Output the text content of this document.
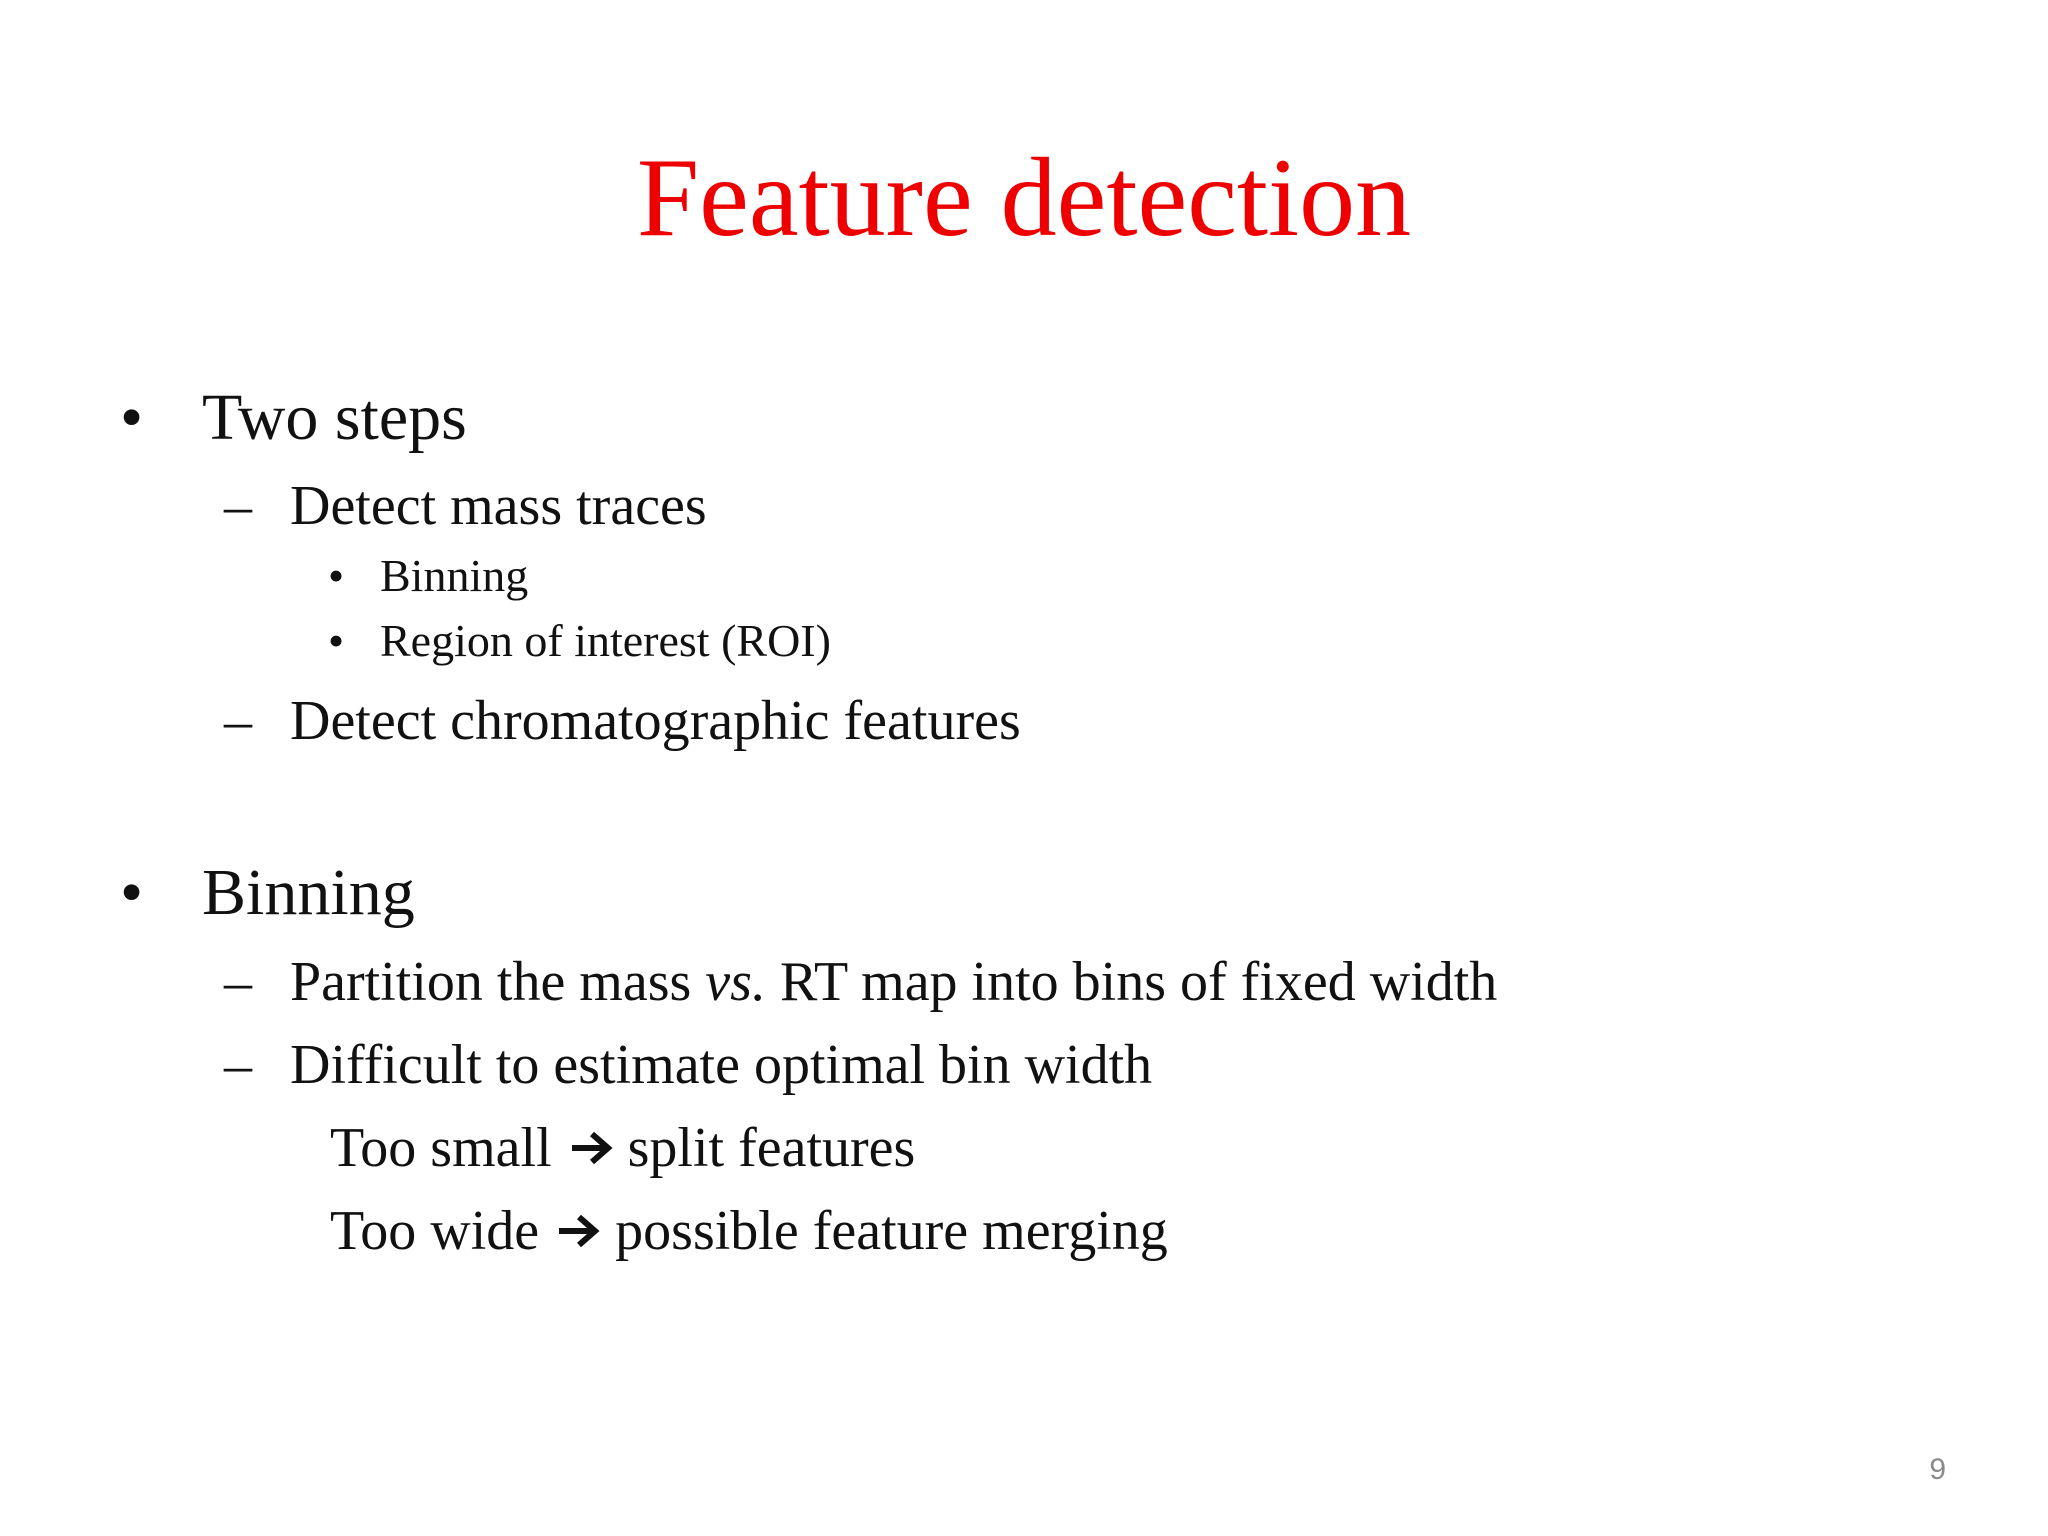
Feature detection
• Two steps
– Detect mass traces
• Binning
• Region of interest (ROI)
– Detect chromatographic features
• Binning
– Partition the mass vs. RT map into bins of fixed width
– Difficult to estimate optimal bin width
Too small split features
Too wide possible feature merging
9
